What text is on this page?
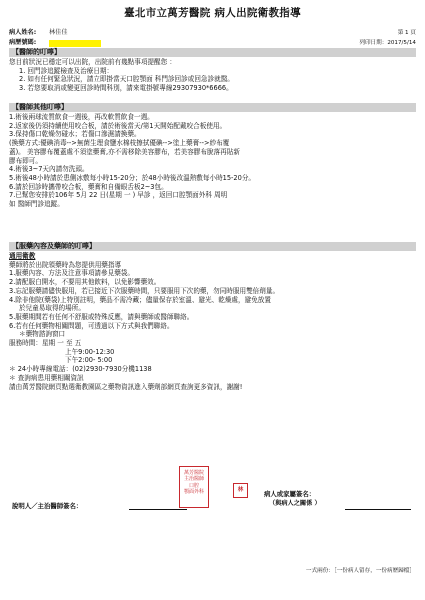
臺北市立萬芳醫院 病人出院衛教指導
病人姓名:	林佳佳	第 1 頁
病歷號碼:	列印日期：2017/5/14
【醫師的叮嚀】

您目前狀況已穩定可以出院，出院前有幾點事項提醒您 ：

1. 回門診追蹤檢查及治療日期：

2. 如有任何緊急狀況，請立即掛當天口腔顎面 科門診回診或回急診就醫。

3. 若您要取消或變更回診時間科別，請來電掛號專線29307930*6666。

【醫師其他叮嚀】

1.術後兩球流質飲食一週後，再改軟質飲食一週。

2.返家後仍須持續使用咬合板，請於術後當天/第1天開始配戴咬合板使用。

3.保持傷口乾燥勿碰水；若傷口滲濕請換藥。

(換藥方式:優碘消毒-->無菌生理食鹽水棉枝擦拭優碘-->塗上藥膏-->紗布覆

蓋)。 美容膠布覆蓋處不須塗藥膏,亦不需移除美容膠布，若美容膠布脫落再貼新

膠布即可。

4.術後3~7天內請勿洗頭。

5.術後48小時請於患側冰敷每小時15-20分；於48小時後改溫熱敷每小時15-20分。

6.請於回診時攜帶咬合板，藥膏和自備眼舌板2~3包。

7.已幫您安排於106年 5月 22 日(星期 一 ) 早診 ，返回口腔顎面外科 周明

如 醫師門診追蹤。

【服藥內容及藥師的叮嚀】

通用衛教

藥師將於出院領藥時為您提供用藥指導

1.服藥內容、方法及注意事項請參見藥袋。

2.請配服白開水，不要用其他飲料，以免影響藥效。

3.忘記服藥請儘快服用，若已接近下次服藥時間，只要服用下次的藥，勿同時服用雙倍劑量。

4.除非他院(藥袋)上特別註明，藥品不需冷藏；儘量保存於室溫、避光、乾燥處，避免放置

於兒童易取得的場所。

5.服藥期間若有任何不舒服或特殊反應，請與藥師或醫師聯絡。

6.若有任何藥物相關問題，可透過以下方式與我們聯絡。

＊藥物諮詢窗口

服務時間：星期 一 至 五

上午9:00-12:30

下午2:00- 5:00

＊ 24小時專線電話：(02)2930-7930分機1138

＊ 查詢病患用藥相關資訊

請由萬芳醫院網頁點選衛教園區之藥物資訊進入藥劑部網頁查詢更多資訊，謝謝!

說明人／主治醫師簽名：
病人或家屬簽名：
（與病人之關係 ）
萬芳醫院
主治醫師
口腔
顎面外科	林
一式兩份：［一份病人留存，一份病歷歸檔］
